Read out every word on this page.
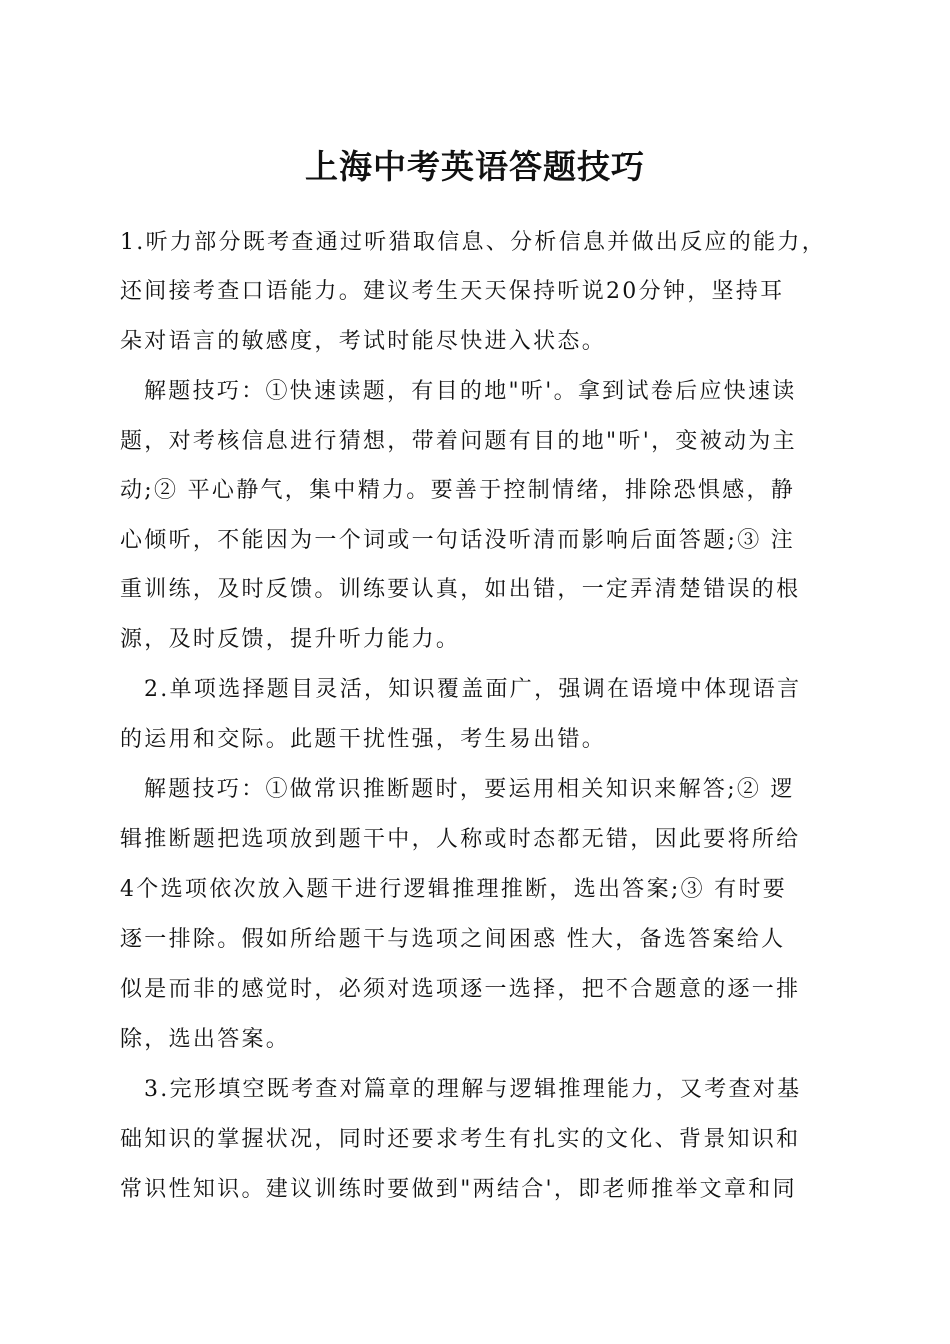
上海中考英语答题技巧
1.听力部分既考查通过听猎取信息、分析信息并做出反应的能力，
还间接考查口语能力。建议考生天天保持听说20分钟，坚持耳
朵对语言的敏感度，考试时能尽快进入状态。
解题技巧：①快速读题，有目的地"听'。拿到试卷后应快速读
题，对考核信息进行猜想，带着问题有目的地"听'，变被动为主
动;② 平心静气，集中精力。要善于控制情绪，排除恐惧感，静
心倾听，不能因为一个词或一句话没听清而影响后面答题;③ 注
重训练，及时反馈。训练要认真，如出错，一定弄清楚错误的根
源，及时反馈，提升听力能力。
2.单项选择题目灵活，知识覆盖面广，强调在语境中体现语言
的运用和交际。此题干扰性强，考生易出错。
解题技巧：①做常识推断题时，要运用相关知识来解答;② 逻
辑推断题把选项放到题干中，人称或时态都无错，因此要将所给
4个选项依次放入题干进行逻辑推理推断，选出答案;③ 有时要
逐一排除。假如所给题干与选项之间困惑 性大，备选答案给人
似是而非的感觉时，必须对选项逐一选择，把不合题意的逐一排
除，选出答案。
3.完形填空既考查对篇章的理解与逻辑推理能力，又考查对基
础知识的掌握状况，同时还要求考生有扎实的文化、背景知识和
常识性知识。建议训练时要做到"两结合'，即老师推举文章和同
